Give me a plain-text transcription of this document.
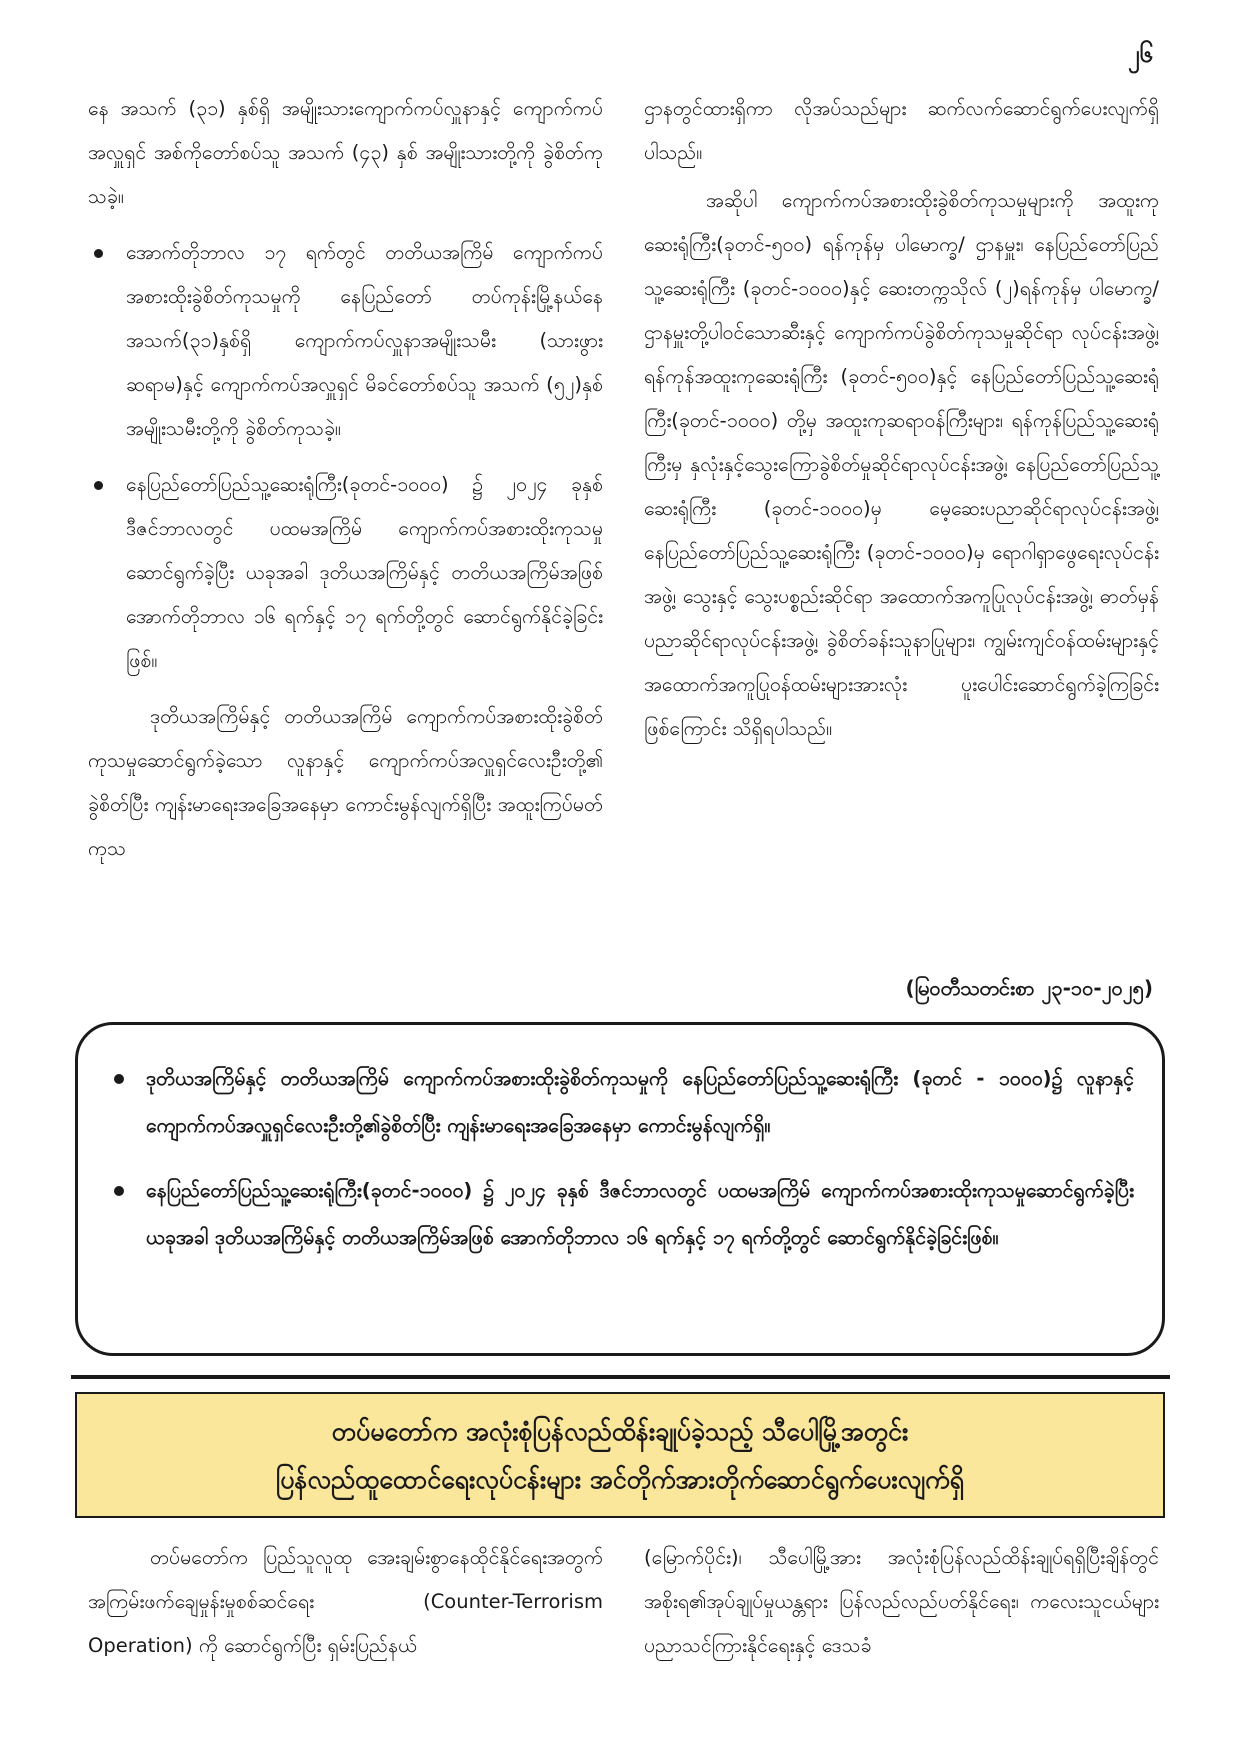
၂၆

နေ အသက် (၃၁) နှစ်ရှိ အမျိုးသားကျောက်ကပ်လှူနာနှင့် ကျောက်ကပ်အလှူရှင် အစ်ကိုတော်စပ်သူ အသက် (၄၃) နှစ် အမျိုးသားတို့ကို ခွဲစိတ်ကုသခဲ့။

အောက်တိုဘာလ ၁၇ ရက်တွင် တတိယအကြိမ် ကျောက်ကပ်အစားထိုးခွဲစိတ်ကုသမှုကို နေပြည်တော် တပ်ကုန်းမြို့နယ်နေ အသက်(၃၁)နှစ်ရှိ ကျောက်ကပ်လှူနာအမျိုးသမီး (သားဖွားဆရာမ)နှင့် ကျောက်ကပ်အလှူရှင် မိခင်တော်စပ်သူ အသက် (၅၂)နှစ် အမျိုးသမီးတို့ကို ခွဲစိတ်ကုသခဲ့။
နေပြည်တော်ပြည်သူ့ဆေးရုံကြီး(ခုတင်-၁၀၀၀) ၌ ၂၀၂၄ ခုနှစ် ဒီဇင်ဘာလတွင် ပထမအကြိမ် ကျောက်ကပ်အစားထိုးကုသမှုဆောင်ရွက်ခဲ့ပြီး ယခုအခါ ဒုတိယအကြိမ်နှင့် တတိယအကြိမ်အဖြစ် အောက်တိုဘာလ ၁၆ ရက်နှင့် ၁၇ ရက်တို့တွင် ဆောင်ရွက်နိုင်ခဲ့ခြင်းဖြစ်။

ဒုတိယအကြိမ်နှင့် တတိယအကြိမ် ကျောက်ကပ်အစားထိုးခွဲစိတ်ကုသမှုဆောင်ရွက်ခဲ့သော လူနာနှင့် ကျောက်ကပ်အလှူရှင်လေးဦးတို့၏ ခွဲစိတ်ပြီး ကျန်းမာရေးအခြေအနေမှာ ကောင်းမွန်လျက်ရှိပြီး အထူးကြပ်မတ်ကုသ

ဌာနတွင်ထားရှိကာ လိုအပ်သည်များ ဆက်လက်ဆောင်ရွက်ပေးလျက်ရှိပါသည်။

အဆိုပါ ကျောက်ကပ်အစားထိုးခွဲစိတ်ကုသမှုများကို အထူးကုဆေးရုံကြီး(ခုတင်-၅၀၀) ရန်ကုန်မှ ပါမောက္ခ/ ဌာနမှူး၊ နေပြည်တော်ပြည်သူ့ဆေးရုံကြီး (ခုတင်-၁၀၀၀)နှင့် ဆေးတက္ကသိုလ် (၂)ရန်ကုန်မှ ပါမောက္ခ/ဌာနမှူးတို့ပါဝင်သောဆီးနှင့် ကျောက်ကပ်ခွဲစိတ်ကုသမှုဆိုင်ရာ လုပ်ငန်းအဖွဲ့၊ ရန်ကုန်အထူးကုဆေးရုံကြီး (ခုတင်-၅၀၀)နှင့် နေပြည်တော်ပြည်သူ့ဆေးရုံကြီး(ခုတင်-၁၀၀၀) တို့မှ အထူးကုဆရာဝန်ကြီးများ၊ ရန်ကုန်ပြည်သူ့ဆေးရုံကြီးမှ နှလုံးနှင့်သွေးကြောခွဲစိတ်မှုဆိုင်ရာလုပ်ငန်းအဖွဲ့၊ နေပြည်တော်ပြည်သူ့ဆေးရုံကြီး (ခုတင်-၁၀၀၀)မှ မေ့ဆေးပညာဆိုင်ရာလုပ်ငန်းအဖွဲ့၊ နေပြည်တော်ပြည်သူ့ဆေးရုံကြီး (ခုတင်-၁၀၀၀)မှ ရောဂါရှာဖွေရေးလုပ်ငန်းအဖွဲ့၊ သွေးနှင့် သွေးပစ္စည်းဆိုင်ရာ အထောက်အကူပြုလုပ်ငန်းအဖွဲ့၊ ဓာတ်မှန်ပညာဆိုင်ရာလုပ်ငန်းအဖွဲ့၊ ခွဲစိတ်ခန်းသူနာပြုများ၊ ကျွမ်းကျင်ဝန်ထမ်းများနှင့် အထောက်အကူပြုဝန်ထမ်းများအားလုံး ပူးပေါင်းဆောင်ရွက်ခဲ့ကြခြင်းဖြစ်ကြောင်း သိရှိရပါသည်။

(မြဝတီသတင်းစာ ၂၃-၁၀-၂၀၂၅)
ဒုတိယအကြိမ်နှင့် တတိယအကြိမ် ကျောက်ကပ်အစားထိုးခွဲစိတ်ကုသမှုကို နေပြည်တော်ပြည်သူ့ဆေးရုံကြီး (ခုတင် - ၁၀၀၀)၌ လူနာနှင့် ကျောက်ကပ်အလှူရှင်လေးဦးတို့၏ခွဲစိတ်ပြီး ကျန်းမာရေးအခြေအနေမှာ ကောင်းမွန်လျက်ရှိ။
နေပြည်တော်ပြည်သူ့ဆေးရုံကြီး(ခုတင်-၁၀၀၀) ၌ ၂၀၂၄ ခုနှစ် ဒီဇင်ဘာလတွင် ပထမအကြိမ် ကျောက်ကပ်အစားထိုးကုသမှုဆောင်ရွက်ခဲ့ပြီး ယခုအခါ ဒုတိယအကြိမ်နှင့် တတိယအကြိမ်အဖြစ် အောက်တိုဘာလ ၁၆ ရက်နှင့် ၁၇ ရက်တို့တွင် ဆောင်ရွက်နိုင်ခဲ့ခြင်းဖြစ်။
တပ်မတော်က အလုံးစုံပြန်လည်ထိန်းချုပ်ခဲ့သည့် သီပေါမြို့အတွင်း
ပြန်လည်ထူထောင်ရေးလုပ်ငန်းများ အင်တိုက်အားတိုက်ဆောင်ရွက်ပေးလျက်ရှိ

တပ်မတော်က ပြည်သူလူထု အေးချမ်းစွာနေထိုင်နိုင်ရေးအတွက် အကြမ်းဖက်ချေမှုန်းမှုစစ်ဆင်ရေး (Counter-Terrorism Operation) ကို ဆောင်ရွက်ပြီး ရှမ်းပြည်နယ်

(မြောက်ပိုင်း)၊ သီပေါမြို့အား အလုံးစုံပြန်လည်ထိန်းချုပ်ရရှိပြီးချိန်တွင် အစိုးရ၏အုပ်ချုပ်မှုယန္တရား ပြန်လည်လည်ပတ်နိုင်ရေး၊ ကလေးသူငယ်များပညာသင်ကြားနိုင်ရေးနှင့် ဒေသခံ
